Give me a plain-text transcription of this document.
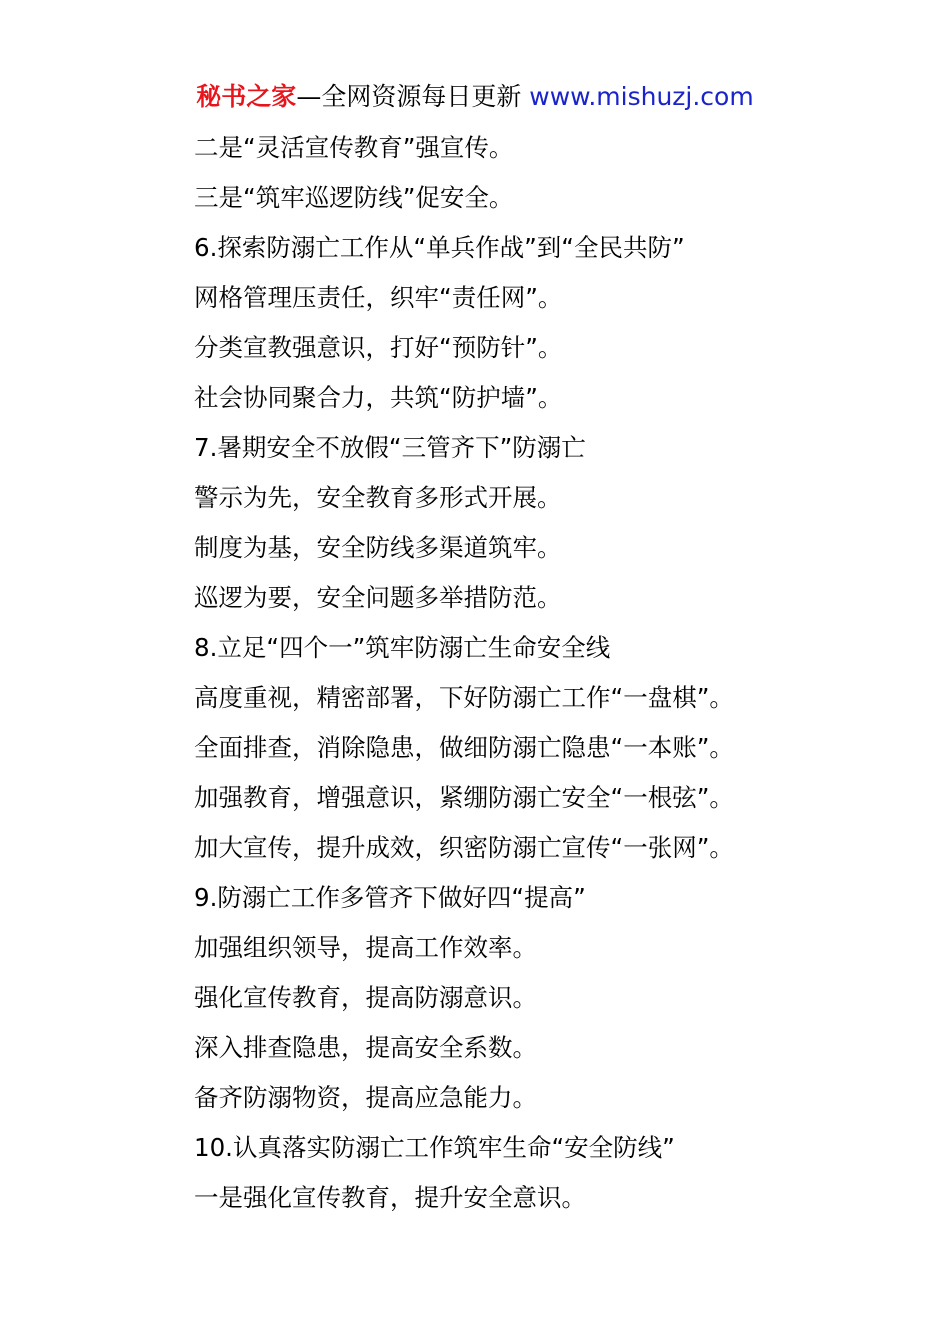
秘书之家—全网资源每日更新 www.mishuzj.com
二是“灵活宣传教育”强宣传。
三是“筑牢巡逻防线”促安全。
6.探索防溺亡工作从“单兵作战”到“全民共防”
网格管理压责任，织牢“责任网”。
分类宣教强意识，打好“预防针”。
社会协同聚合力，共筑“防护墙”。
7.暑期安全不放假“三管齐下”防溺亡
警示为先，安全教育多形式开展。
制度为基，安全防线多渠道筑牢。
巡逻为要，安全问题多举措防范。
8.立足“四个一”筑牢防溺亡生命安全线
高度重视，精密部署，下好防溺亡工作“一盘棋”。
全面排查，消除隐患，做细防溺亡隐患“一本账”。
加强教育，增强意识，紧绷防溺亡安全“一根弦”。
加大宣传，提升成效，织密防溺亡宣传“一张网”。
9.防溺亡工作多管齐下做好四“提高”
加强组织领导，提高工作效率。
强化宣传教育，提高防溺意识。
深入排查隐患，提高安全系数。
备齐防溺物资，提高应急能力。
10.认真落实防溺亡工作筑牢生命“安全防线”
一是强化宣传教育，提升安全意识。
